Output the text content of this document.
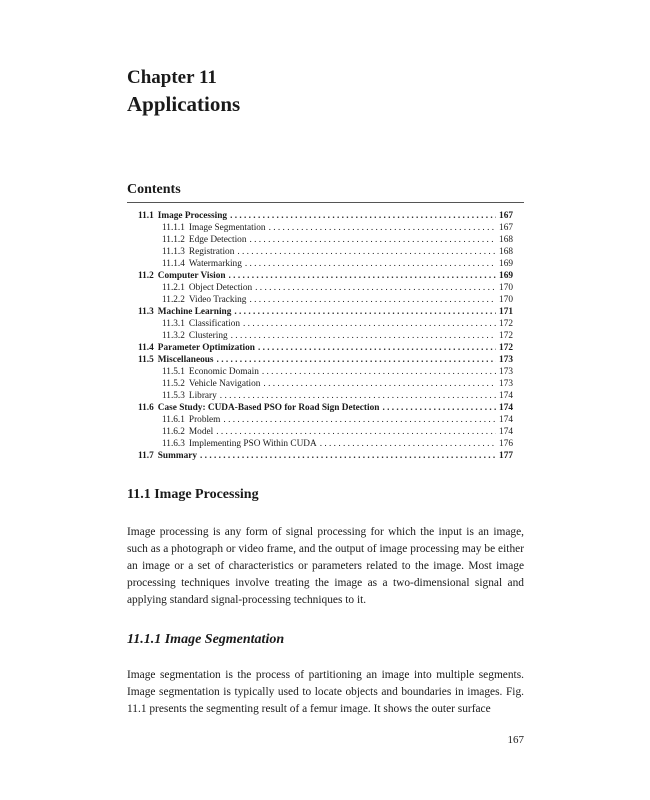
Chapter 11
Applications
Contents
11.1 Image Processing . . .	167
11.1.1 Image Segmentation . . .	167
11.1.2 Edge Detection . . .	168
11.1.3 Registration . . .	168
11.1.4 Watermarking . . .	169
11.2 Computer Vision . . .	169
11.2.1 Object Detection . . .	170
11.2.2 Video Tracking . . .	170
11.3 Machine Learning . . .	171
11.3.1 Classification . . .	172
11.3.2 Clustering . . .	172
11.4 Parameter Optimization . . .	172
11.5 Miscellaneous . . .	173
11.5.1 Economic Domain . . .	173
11.5.2 Vehicle Navigation . . .	173
11.5.3 Library . . .	174
11.6 Case Study: CUDA-Based PSO for Road Sign Detection . . .	174
11.6.1 Problem . . .	174
11.6.2 Model . . .	174
11.6.3 Implementing PSO Within CUDA . . .	176
11.7 Summary . . .	177
11.1 Image Processing

Image processing is any form of signal processing for which the input is an image, such as a photograph or video frame, and the output of image processing may be either an image or a set of characteristics or parameters related to the image. Most image processing techniques involve treating the image as a two-dimensional signal and applying standard signal-processing techniques to it.

11.1.1 Image Segmentation

Image segmentation is the process of partitioning an image into multiple segments. Image segmentation is typically used to locate objects and boundaries in images. Fig. 11.1 presents the segmenting result of a femur image. It shows the outer surface

167
